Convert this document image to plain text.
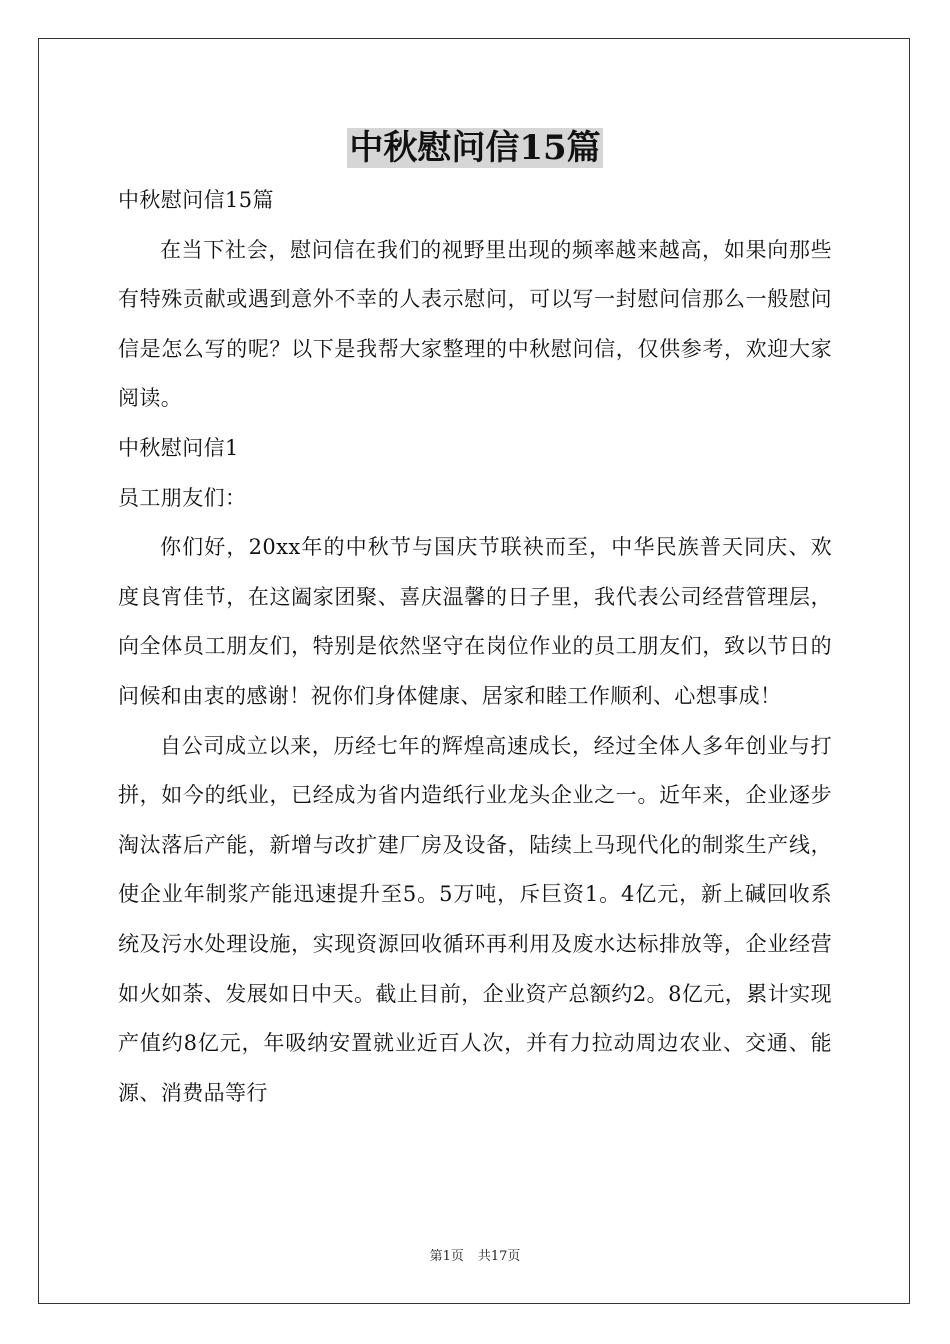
中秋慰问信15篇

中秋慰问信15篇

在当下社会，慰问信在我们的视野里出现的频率越来越高，如果向那些有特殊贡献或遇到意外不幸的人表示慰问，可以写一封慰问信那么一般慰问信是怎么写的呢？以下是我帮大家整理的中秋慰问信，仅供参考，欢迎大家阅读。

中秋慰问信1

员工朋友们：

你们好，20xx年的中秋节与国庆节联袂而至，中华民族普天同庆、欢度良宵佳节，在这阖家团聚、喜庆温馨的日子里，我代表公司经营管理层，向全体员工朋友们，特别是依然坚守在岗位作业的员工朋友们，致以节日的问候和由衷的感谢！祝你们身体健康、居家和睦工作顺利、心想事成！

自公司成立以来，历经七年的辉煌高速成长，经过全体人多年创业与打拼，如今的纸业，已经成为省内造纸行业龙头企业之一。近年来，企业逐步淘汰落后产能，新增与改扩建厂房及设备，陆续上马现代化的制浆生产线，使企业年制浆产能迅速提升至5。5万吨，斥巨资1。4亿元，新上碱回收系统及污水处理设施，实现资源回收循环再利用及废水达标排放等，企业经营如火如荼、发展如日中天。截止目前，企业资产总额约2。8亿元，累计实现产值约8亿元，年吸纳安置就业近百人次，并有力拉动周边农业、交通、能源、消费品等行

第1页 共17页
